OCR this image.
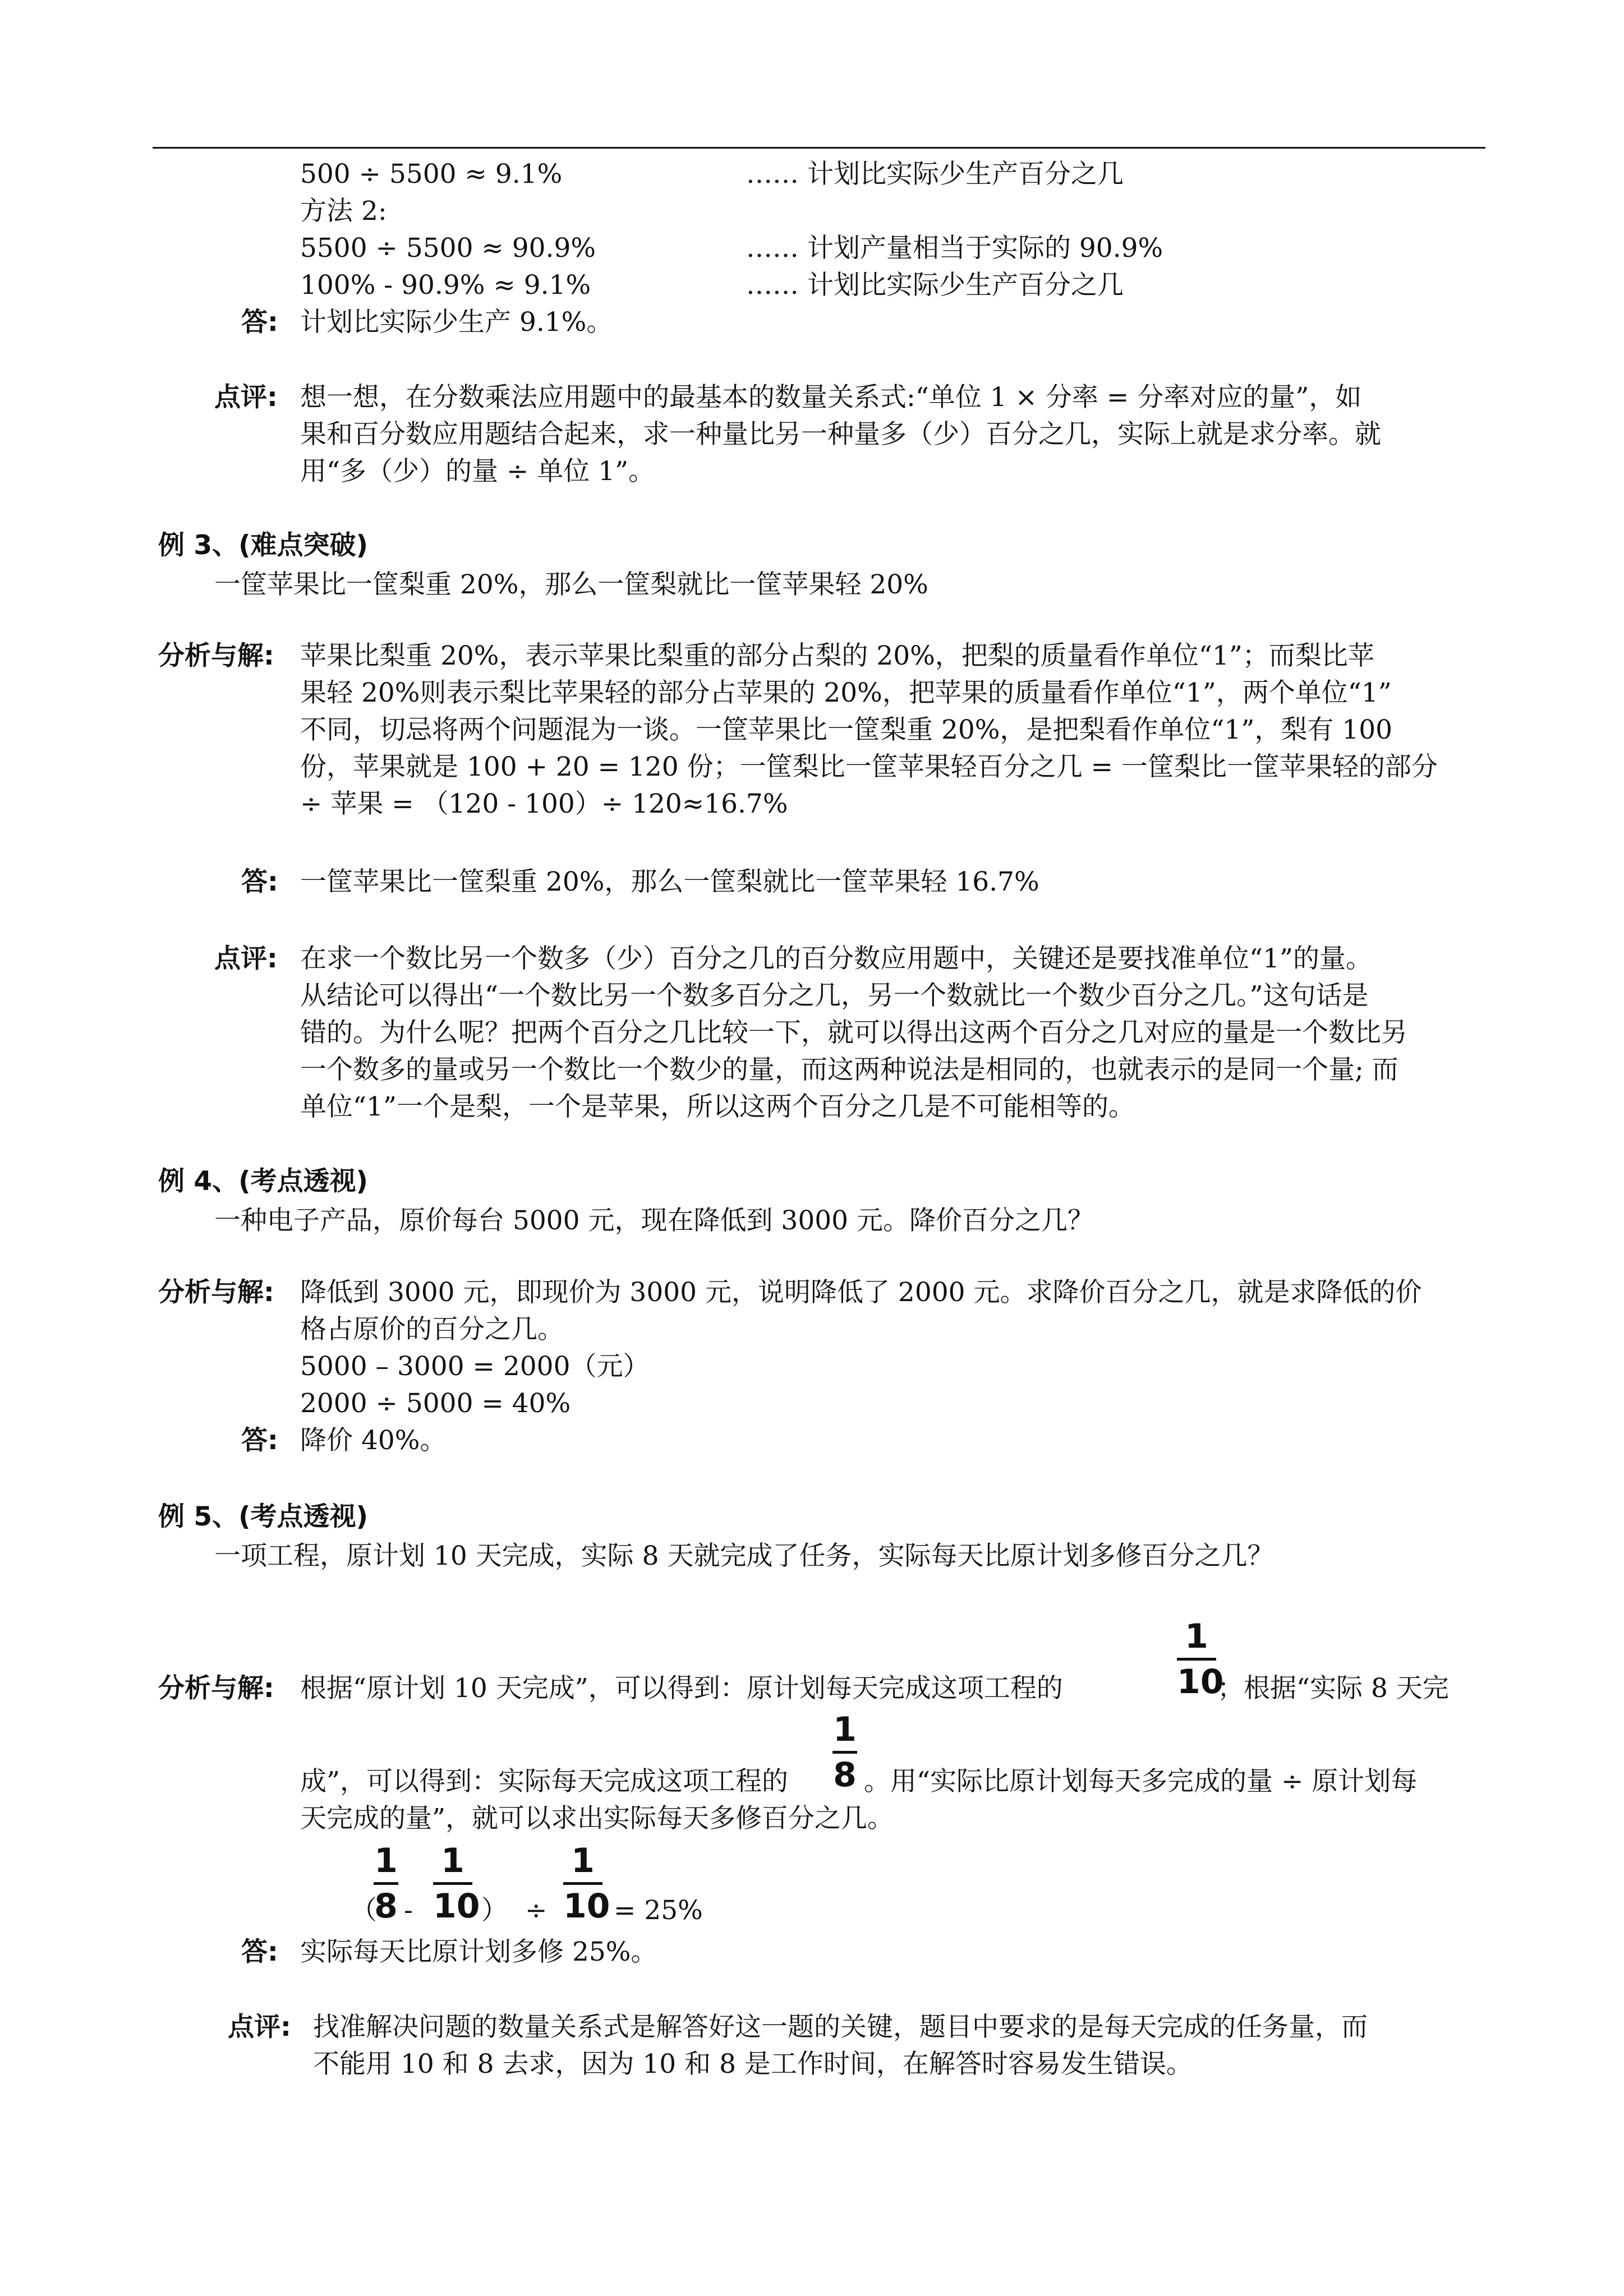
500 ÷ 5500 ≈ 9.1%	…… 计划比实际少生产百分之几
方法 2:
5500 ÷ 5500 ≈ 90.9%	…… 计划产量相当于实际的 90.9%
100% - 90.9% ≈ 9.1%	…… 计划比实际少生产百分之几
答: 计划比实际少生产 9.1%。
点评: 想一想，在分数乘法应用题中的最基本的数量关系式:“单位 1 × 分率 = 分率对应的量”，如
果和百分数应用题结合起来，求一种量比另一种量多（少）百分之几，实际上就是求分率。就
用“多（少）的量 ÷ 单位 1”。
例 3、(难点突破)
一筐苹果比一筐梨重 20%，那么一筐梨就比一筐苹果轻 20%
分析与解: 苹果比梨重 20%，表示苹果比梨重的部分占梨的 20%，把梨的质量看作单位“1”；而梨比苹
果轻 20%则表示梨比苹果轻的部分占苹果的 20%，把苹果的质量看作单位“1”，两个单位“1”
不同，切忌将两个问题混为一谈。一筐苹果比一筐梨重 20%，是把梨看作单位“1”，梨有 100
份，苹果就是 100 + 20 = 120 份；一筐梨比一筐苹果轻百分之几 = 一筐梨比一筐苹果轻的部分
÷ 苹果 = （120 - 100）÷ 120≈16.7%
答: 一筐苹果比一筐梨重 20%，那么一筐梨就比一筐苹果轻 16.7%
点评: 在求一个数比另一个数多（少）百分之几的百分数应用题中，关键还是要找准单位“1”的量。
从结论可以得出“一个数比另一个数多百分之几，另一个数就比一个数少百分之几。”这句话是
错的。为什么呢？把两个百分之几比较一下，就可以得出这两个百分之几对应的量是一个数比另
一个数多的量或另一个数比一个数少的量，而这两种说法是相同的，也就表示的是同一个量; 而
单位“1”一个是梨，一个是苹果，所以这两个百分之几是不可能相等的。
例 4、(考点透视)
一种电子产品，原价每台 5000 元，现在降低到 3000 元。降价百分之几？
分析与解: 降低到 3000 元，即现价为 3000 元，说明降低了 2000 元。求降价百分之几，就是求降低的价
格占原价的百分之几。
5000 – 3000 = 2000（元）
2000 ÷ 5000 = 40%
答: 降价 40%。
例 5、(考点透视)
一项工程，原计划 10 天完成，实际 8 天就完成了任务，实际每天比原计划多修百分之几？
分析与解: 根据“原计划 10 天完成”，可以得到：原计划每天完成这项工程的
1
10
；根据“实际 8 天完
成”，可以得到：实际每天完成这项工程的
1
8 。用“实际比原计划每天多完成的量 ÷ 原计划每
天完成的量”，就可以求出实际每天多修百分之几。
（
1
8 -
1
10 ） ÷
1
10 = 25%
答: 实际每天比原计划多修 25%。
点评: 找准解决问题的数量关系式是解答好这一题的关键，题目中要求的是每天完成的任务量，而
不能用 10 和 8 去求，因为 10 和 8 是工作时间，在解答时容易发生错误。
